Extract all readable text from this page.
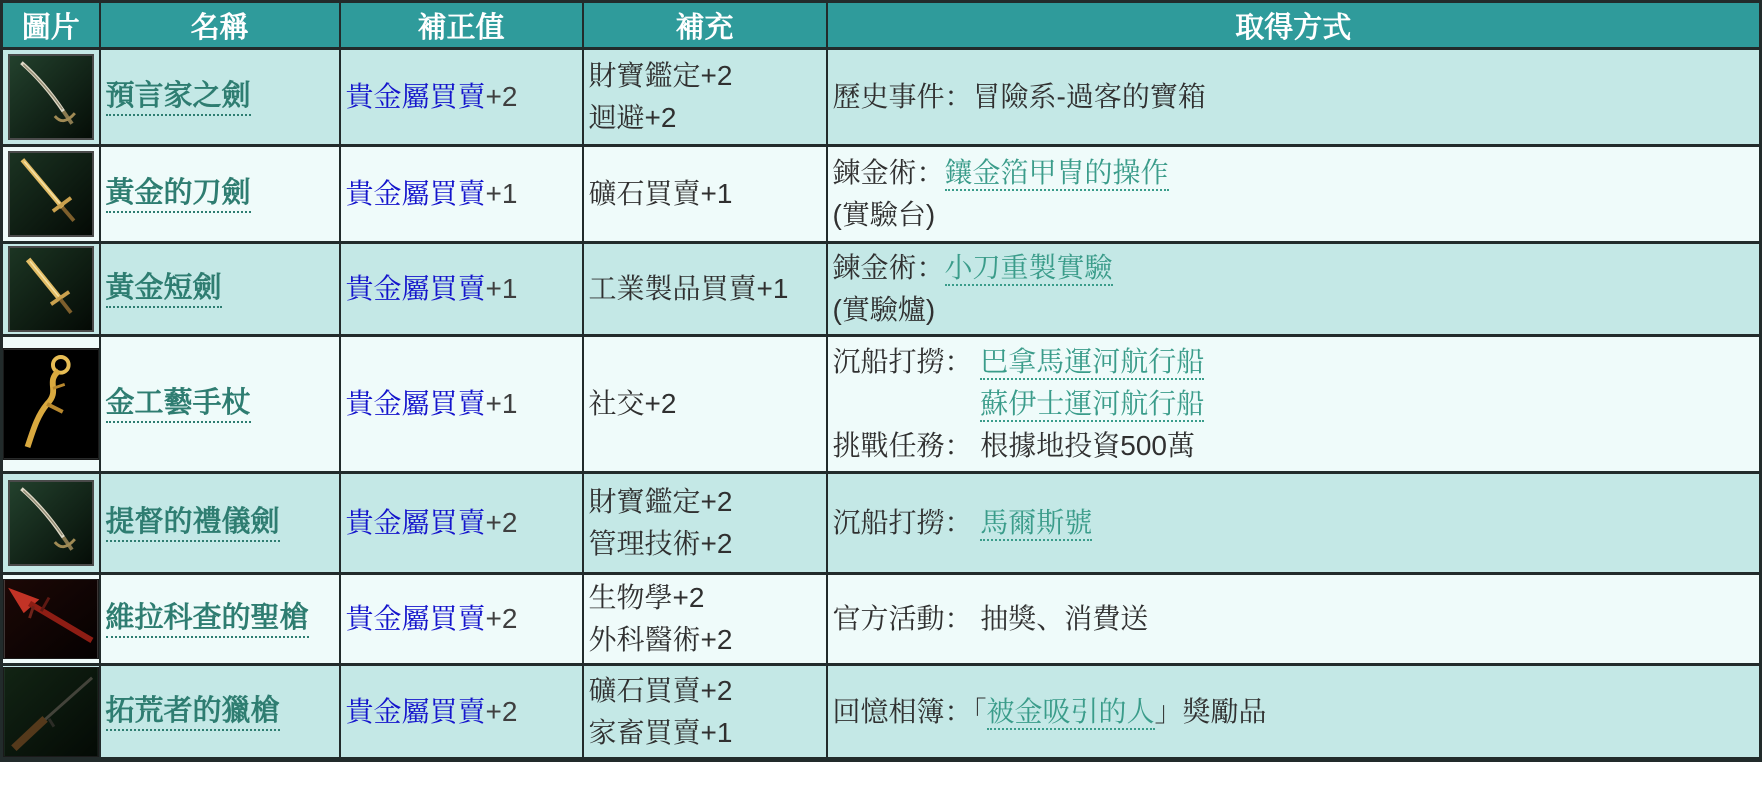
圖片	名稱	補正值	補充	取得方式

	預言家之劍	貴金屬買賣+2	財寶鑑定+2
迴避+2	歷史事件：冒險系-過客的寶箱

	黃金的刀劍	貴金屬買賣+1	礦石買賣+1	鍊金術：鑲金箔甲冑的操作
(實驗台)

	黃金短劍	貴金屬買賣+1	工業製品買賣+1	鍊金術：小刀重製實驗
(實驗爐)

	金工藝手杖	貴金屬買賣+1	社交+2	沉船打撈： 巴拿馬運河航行船
　　　　　 蘇伊士運河航行船
挑戰任務： 根據地投資500萬

	提督的禮儀劍	貴金屬買賣+2	財寶鑑定+2
管理技術+2	沉船打撈： 馬爾斯號

	維拉科查的聖槍	貴金屬買賣+2	生物學+2
外科醫術+2	官方活動： 抽獎、消費送

	拓荒者的獵槍	貴金屬買賣+2	礦石買賣+2
家畜買賣+1	回憶相簿：「被金吸引的人」獎勵品
